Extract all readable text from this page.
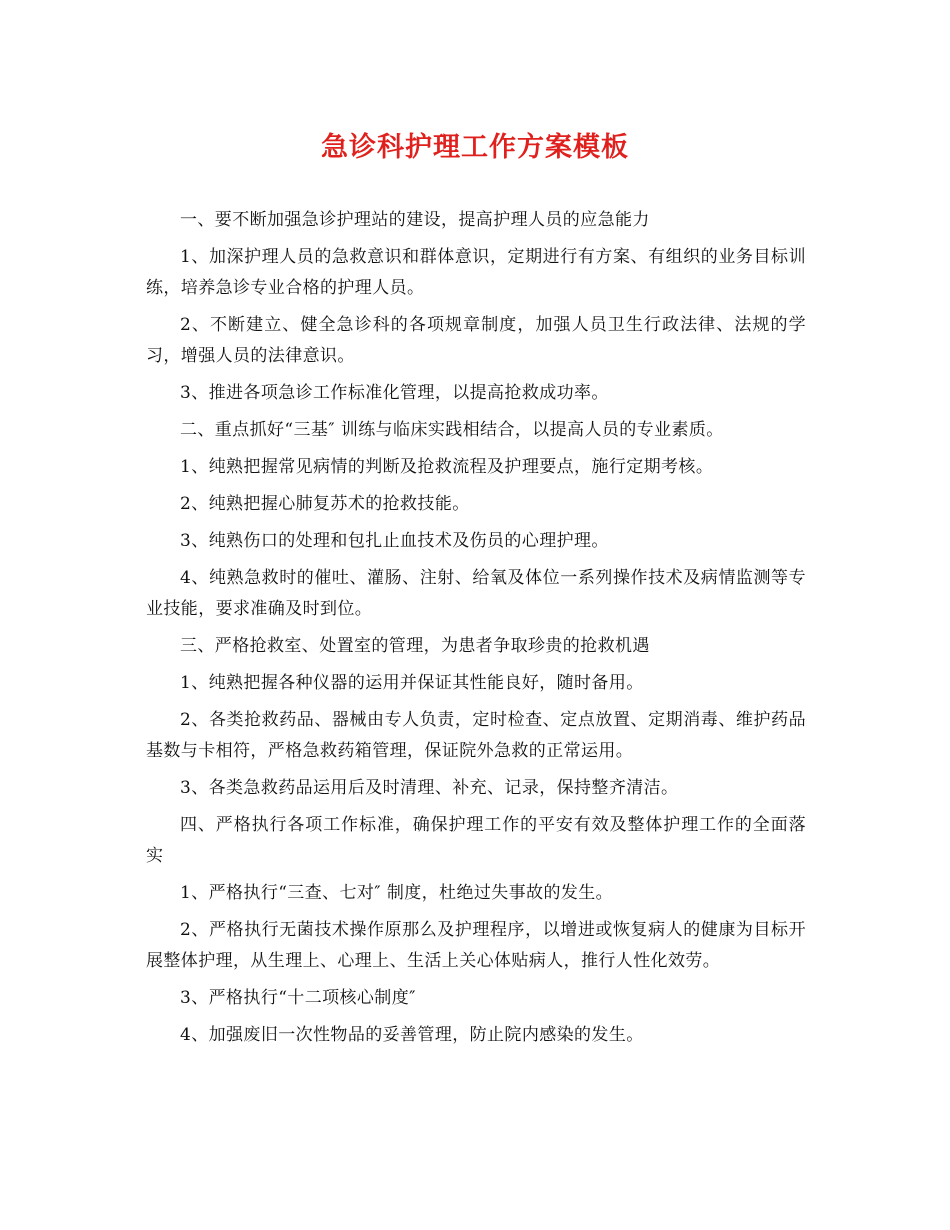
急诊科护理工作方案模板

一、要不断加强急诊护理站的建设，提高护理人员的应急能力

1、加深护理人员的急救意识和群体意识，定期进行有方案、有组织的业务目标训练，培养急诊专业合格的护理人员。

2、不断建立、健全急诊科的各项规章制度，加强人员卫生行政法律、法规的学习，增强人员的法律意识。

3、推进各项急诊工作标准化管理，以提高抢救成功率。

二、重点抓好“三基″ 训练与临床实践相结合，以提高人员的专业素质。

1、纯熟把握常见病情的判断及抢救流程及护理要点，施行定期考核。

2、纯熟把握心肺复苏术的抢救技能。

3、纯熟伤口的处理和包扎止血技术及伤员的心理护理。

4、纯熟急救时的催吐、灌肠、注射、给氧及体位一系列操作技术及病情监测等专业技能，要求准确及时到位。

三、严格抢救室、处置室的管理，为患者争取珍贵的抢救机遇

1、纯熟把握各种仪器的运用并保证其性能良好，随时备用。

2、各类抢救药品、器械由专人负责，定时检查、定点放置、定期消毒、维护药品基数与卡相符，严格急救药箱管理，保证院外急救的正常运用。

3、各类急救药品运用后及时清理、补充、记录，保持整齐清洁。

四、严格执行各项工作标准，确保护理工作的平安有效及整体护理工作的全面落实

1、严格执行“三查、七对″ 制度，杜绝过失事故的发生。

2、严格执行无菌技术操作原那么及护理程序，以增进或恢复病人的健康为目标开展整体护理，从生理上、心理上、生活上关心体贴病人，推行人性化效劳。

3、严格执行“十二项核心制度″

4、加强废旧一次性物品的妥善管理，防止院内感染的发生。
